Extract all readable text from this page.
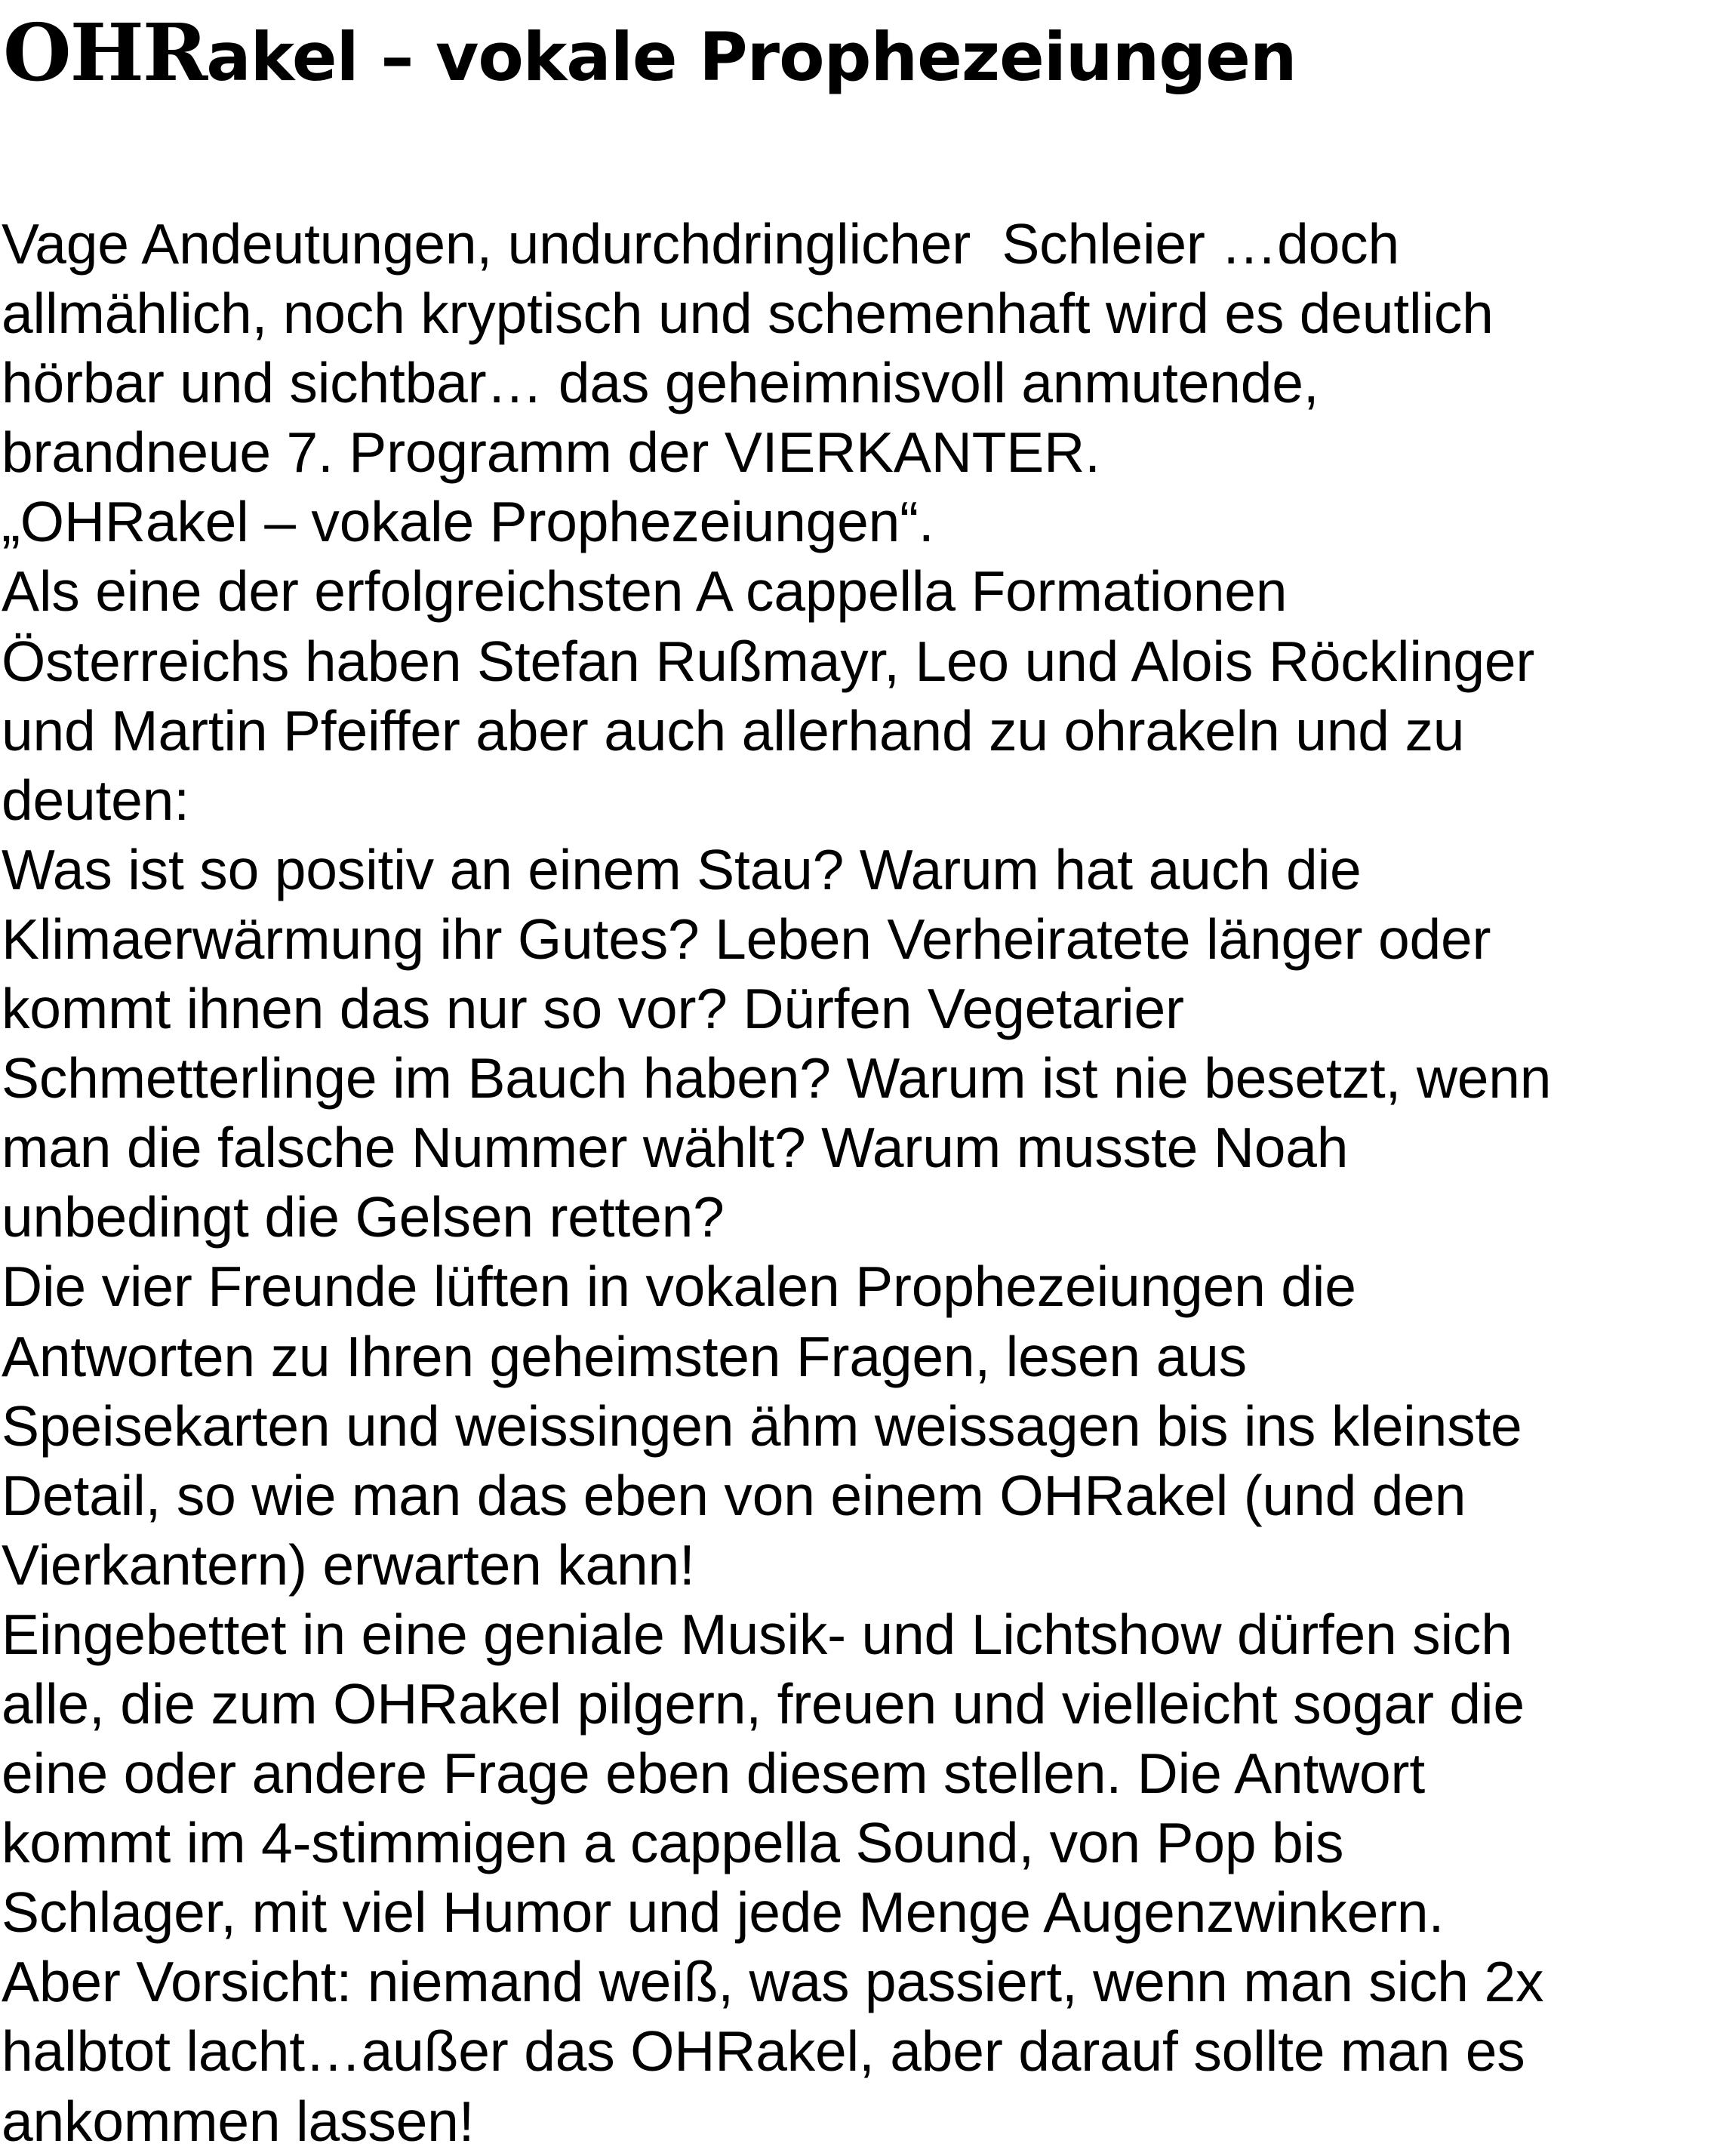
OHRakel – vokale Prophezeiungen
Vage Andeutungen, undurchdringlicher  Schleier …doch
allmählich, noch kryptisch und schemenhaft wird es deutlich
hörbar und sichtbar… das geheimnisvoll anmutende,
brandneue 7. Programm der VIERKANTER.
„OHRakel – vokale Prophezeiungen“.
Als eine der erfolgreichsten A cappella Formationen
Österreichs haben Stefan Rußmayr, Leo und Alois Röcklinger
und Martin Pfeiffer aber auch allerhand zu ohrakeln und zu
deuten:
Was ist so positiv an einem Stau? Warum hat auch die
Klimaerwärmung ihr Gutes? Leben Verheiratete länger oder
kommt ihnen das nur so vor? Dürfen Vegetarier
Schmetterlinge im Bauch haben? Warum ist nie besetzt, wenn
man die falsche Nummer wählt? Warum musste Noah
unbedingt die Gelsen retten?
Die vier Freunde lüften in vokalen Prophezeiungen die
Antworten zu Ihren geheimsten Fragen, lesen aus
Speisekarten und weissingen ähm weissagen bis ins kleinste
Detail, so wie man das eben von einem OHRakel (und den
Vierkantern) erwarten kann!
Eingebettet in eine geniale Musik- und Lichtshow dürfen sich
alle, die zum OHRakel pilgern, freuen und vielleicht sogar die
eine oder andere Frage eben diesem stellen. Die Antwort
kommt im 4-stimmigen a cappella Sound, von Pop bis
Schlager, mit viel Humor und jede Menge Augenzwinkern.
Aber Vorsicht: niemand weiß, was passiert, wenn man sich 2x
halbtot lacht…außer das OHRakel, aber darauf sollte man es
ankommen lassen!
